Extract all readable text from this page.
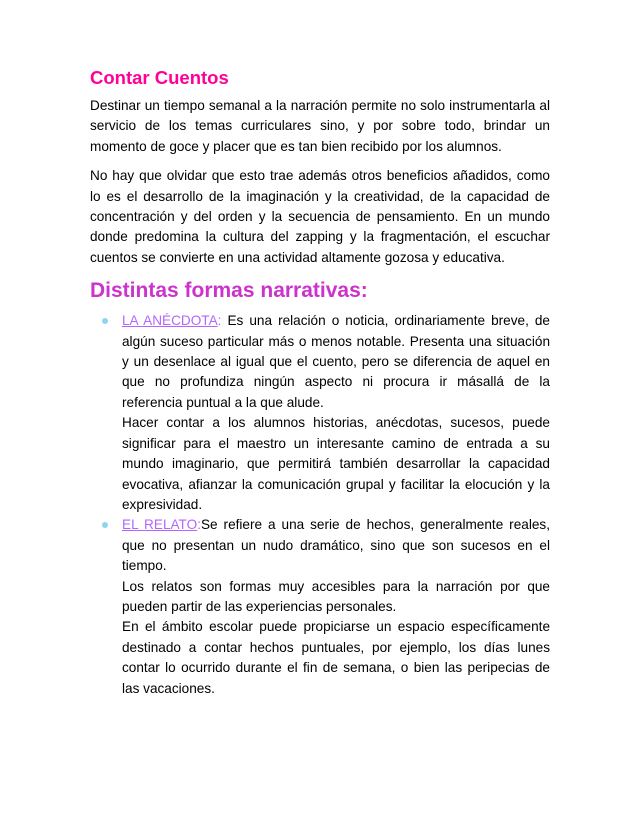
Contar Cuentos

Destinar un tiempo semanal a la narración permite no solo instrumentarla al servicio de los temas curriculares sino, y por sobre todo, brindar un momento de goce y placer que es tan bien recibido por los alumnos.

No hay que olvidar que esto trae además otros beneficios añadidos, como lo es el desarrollo de la imaginación y la creatividad, de la capacidad de concentración y del orden y la secuencia de pensamiento. En un mundo donde predomina la cultura del zapping y la fragmentación, el escuchar cuentos se convierte en una actividad altamente gozosa y educativa.

Distintas formas narrativas:
LA ANÉCDOTA: Es una relación o noticia, ordinariamente breve, de algún suceso particular más o menos notable. Presenta una situación y un desenlace al igual que el cuento, pero se diferencia de aquel en que no profundiza ningún aspecto ni procura ir másallá de la referencia puntual a la que alude.
Hacer contar a los alumnos historias, anécdotas, sucesos, puede significar para el maestro un interesante camino de entrada a su mundo imaginario, que permitirá también desarrollar la capacidad evocativa, afianzar la comunicación grupal y facilitar la elocución y la expresividad.
EL RELATO:Se refiere a una serie de hechos, generalmente reales, que no presentan un nudo dramático, sino que son sucesos en el tiempo.
Los relatos son formas muy accesibles para la narración por que pueden partir de las experiencias personales.
En el ámbito escolar puede propiciarse un espacio específicamente destinado a contar hechos puntuales, por ejemplo, los días lunes contar lo ocurrido durante el fin de semana, o bien las peripecias de las vacaciones.
